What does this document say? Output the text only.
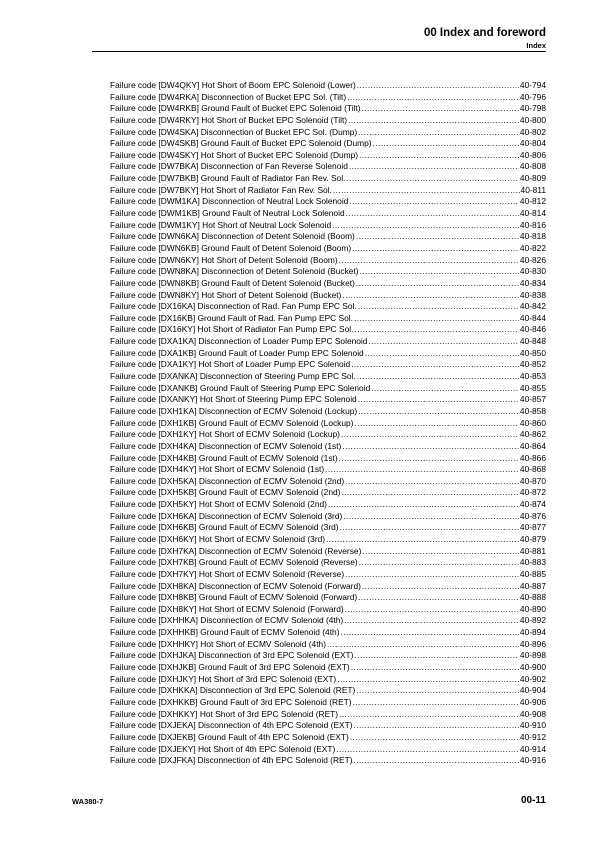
00 Index and foreword
Index
Failure code [DW4QKY] Hot Short of Boom EPC Solenoid (Lower) .....	40-794
Failure code [DW4RKA] Disconnection of Bucket EPC Sol. (Tilt) .....	40-796
Failure code [DW4RKB] Ground Fault of Bucket EPC Solenoid (Tilt) .....	40-798
Failure code [DW4RKY] Hot Short of Bucket EPC Solenoid (Tilt) .....	40-800
Failure code [DW4SKA] Disconnection of Bucket EPC Sol. (Dump) .....	40-802
Failure code [DW4SKB] Ground Fault of Bucket EPC Solenoid (Dump) .....	40-804
Failure code [DW4SKY] Hot Short of Bucket EPC Solenoid (Dump) .....	40-806
Failure code [DW7BKA] Disconnection of Fan Reverse Solenoid .....	40-808
Failure code [DW7BKB] Ground Fault of Radiator Fan Rev. Sol. .....	40-809
Failure code [DW7BKY] Hot Short of Radiator Fan Rev. Sol. .....	40-811
Failure code [DWM1KA] Disconnection of Neutral Lock Solenoid .....	40-812
Failure code [DWM1KB] Ground Fault of Neutral Lock Solenoid .....	40-814
Failure code [DWM1KY] Hot Short of Neutral Lock Solenoid .....	40-816
Failure code [DWN6KA] Disconnection of Detent Solenoid (Boom) .....	40-818
Failure code [DWN6KB] Ground Fault of Detent Solenoid (Boom) .....	40-822
Failure code [DWN6KY] Hot Short of Detent Solenoid (Boom) .....	40-826
Failure code [DWN8KA] Disconnection of Detent Solenoid (Bucket) .....	40-830
Failure code [DWN8KB] Ground Fault of Detent Solenoid (Bucket) .....	40-834
Failure code [DWN8KY] Hot Short of Detent Solenoid (Bucket) .....	40-838
Failure code [DX16KA] Disconnection of Rad. Fan Pump EPC Sol. .....	40-842
Failure code [DX16KB] Ground Fault of Rad. Fan Pump EPC Sol. .....	40-844
Failure code [DX16KY] Hot Short of Radiator Fan Pump EPC Sol. .....	40-846
Failure code [DXA1KA] Disconnection of Loader Pump EPC Solenoid .....	40-848
Failure code [DXA1KB] Ground Fault of Loader Pump EPC Solenoid .....	40-850
Failure code [DXA1KY] Hot Short of Loader Pump EPC Solenoid .....	40-852
Failure code [DXANKA] Disconnection of Steering Pump EPC Sol. .....	40-853
Failure code [DXANKB] Ground Fault of Steering Pump EPC Solenoid .....	40-855
Failure code [DXANKY] Hot Short of Steering Pump EPC Solenoid .....	40-857
Failure code [DXH1KA] Disconnection of ECMV Solenoid (Lockup) .....	40-858
Failure code [DXH1KB] Ground Fault of ECMV Solenoid (Lockup) .....	40-860
Failure code [DXH1KY] Hot Short of ECMV Solenoid (Lockup) .....	40-862
Failure code [DXH4KA] Disconnection of ECMV Solenoid (1st) .....	40-864
Failure code [DXH4KB] Ground Fault of ECMV Solenoid (1st) .....	40-866
Failure code [DXH4KY] Hot Short of ECMV Solenoid (1st) .....	40-868
Failure code [DXH5KA] Disconnection of ECMV Solenoid (2nd) .....	40-870
Failure code [DXH5KB] Ground Fault of ECMV Solenoid (2nd) .....	40-872
Failure code [DXH5KY] Hot Short of ECMV Solenoid (2nd) .....	40-874
Failure code [DXH6KA] Disconnection of ECMV Solenoid (3rd) .....	40-876
Failure code [DXH6KB] Ground Fault of ECMV Solenoid (3rd) .....	40-877
Failure code [DXH6KY] Hot Short of ECMV Solenoid (3rd) .....	40-879
Failure code [DXH7KA] Disconnection of ECMV Solenoid (Reverse) .....	40-881
Failure code [DXH7KB] Ground Fault of ECMV Solenoid (Reverse) .....	40-883
Failure code [DXH7KY] Hot Short of ECMV Solenoid (Reverse) .....	40-885
Failure code [DXH8KA] Disconnection of ECMV Solenoid (Forward) .....	40-887
Failure code [DXH8KB] Ground Fault of ECMV Solenoid (Forward) .....	40-888
Failure code [DXH8KY] Hot Short of ECMV Solenoid (Forward) .....	40-890
Failure code [DXHHKA] Disconnection of ECMV Solenoid (4th) .....	40-892
Failure code [DXHHKB] Ground Fault of ECMV Solenoid (4th) .....	40-894
Failure code [DXHHKY] Hot Short of ECMV Solenoid (4th) .....	40-896
Failure code [DXHJKA] Disconnection of 3rd EPC Solenoid (EXT) .....	40-898
Failure code [DXHJKB] Ground Fault of 3rd EPC Solenoid (EXT) .....	40-900
Failure code [DXHJKY] Hot Short of 3rd EPC Solenoid (EXT) .....	40-902
Failure code [DXHKKA] Disconnection of 3rd EPC Solenoid (RET) .....	40-904
Failure code [DXHKKB] Ground Fault of 3rd EPC Solenoid (RET) .....	40-906
Failure code [DXHKKY] Hot Short of 3rd EPC Solenoid (RET) .....	40-908
Failure code [DXJEKA] Disconnection of 4th EPC Solenoid (EXT) .....	40-910
Failure code [DXJEKB] Ground Fault of 4th EPC Solenoid (EXT) .....	40-912
Failure code [DXJEKY] Hot Short of 4th EPC Solenoid (EXT) .....	40-914
Failure code [DXJFKA] Disconnection of 4th EPC Solenoid (RET) .....	40-916
WA380-7	00-11
